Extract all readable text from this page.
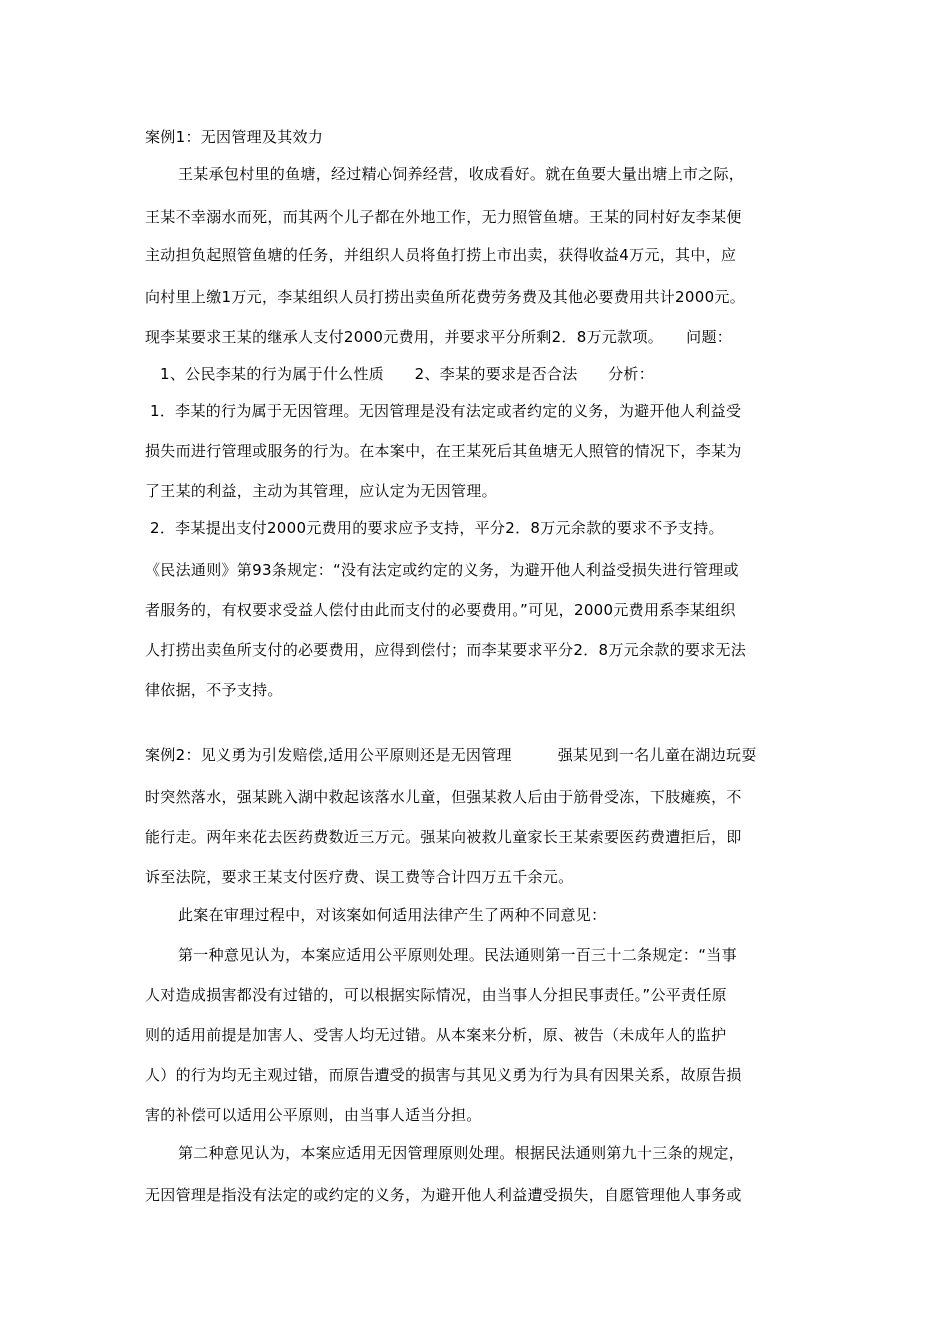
案例1：无因管理及其效力
王某承包村里的鱼塘，经过精心饲养经营，收成看好。就在鱼要大量出塘上市之际，
王某不幸溺水而死，而其两个儿子都在外地工作，无力照管鱼塘。王某的同村好友李某便
主动担负起照管鱼塘的任务，并组织人员将鱼打捞上市出卖，获得收益4万元，其中，应
向村里上缴1万元，李某组织人员打捞出卖鱼所花费劳务费及其他必要费用共计2000元。
现李某要求王某的继承人支付2000元费用，并要求平分所剩2．8万元款项。　　问题：
1、公民李某的行为属于什么性质　　2、李某的要求是否合法　　分析：
1．李某的行为属于无因管理。无因管理是没有法定或者约定的义务，为避开他人利益受
损失而进行管理或服务的行为。在本案中，在王某死后其鱼塘无人照管的情况下，李某为
了王某的利益，主动为其管理，应认定为无因管理。
2．李某提出支付2000元费用的要求应予支持，平分2．8万元余款的要求不予支持。
《民法通则》第93条规定：“没有法定或约定的义务，为避开他人利益受损失进行管理或
者服务的，有权要求受益人偿付由此而支付的必要费用。”可见，2000元费用系李某组织
人打捞出卖鱼所支付的必要费用，应得到偿付；而李某要求平分2．8万元余款的要求无法
律依据，不予支持。
案例2：见义勇为引发赔偿,适用公平原则还是无因管理　　　强某见到一名儿童在湖边玩耍
时突然落水，强某跳入湖中救起该落水儿童，但强某救人后由于筋骨受冻，下肢瘫痪，不
能行走。两年来花去医药费数近三万元。强某向被救儿童家长王某索要医药费遭拒后，即
诉至法院，要求王某支付医疗费、误工费等合计四万五千余元。
此案在审理过程中，对该案如何适用法律产生了两种不同意见：
第一种意见认为，本案应适用公平原则处理。民法通则第一百三十二条规定：“当事
人对造成损害都没有过错的，可以根据实际情况，由当事人分担民事责任。”公平责任原
则的适用前提是加害人、受害人均无过错。从本案来分析，原、被告（未成年人的监护
人）的行为均无主观过错，而原告遭受的损害与其见义勇为行为具有因果关系，故原告损
害的补偿可以适用公平原则，由当事人适当分担。
第二种意见认为，本案应适用无因管理原则处理。根据民法通则第九十三条的规定，
无因管理是指没有法定的或约定的义务，为避开他人利益遭受损失，自愿管理他人事务或
